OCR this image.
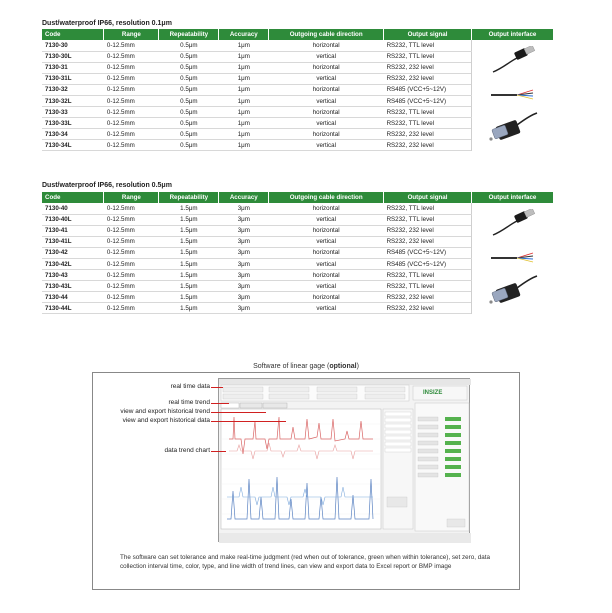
Dust/waterproof IP66, resolution 0.1μm
Code	Range	Repeatability	Accuracy	Outgoing cable direction	Output signal	Output interface
7130-30	0-12.5mm	0.5μm	1μm	horizontal	RS232, TTL level	
7130-30L	0-12.5mm	0.5μm	1μm	vertical	RS232, TTL level	
7130-31	0-12.5mm	0.5μm	1μm	horizontal	RS232, 232 level	
7130-31L	0-12.5mm	0.5μm	1μm	vertical	RS232, 232 level	
7130-32	0-12.5mm	0.5μm	1μm	horizontal	RS485 (VCC+5~12V)	
7130-32L	0-12.5mm	0.5μm	1μm	vertical	RS485 (VCC+5~12V)	
7130-33	0-12.5mm	0.5μm	1μm	horizontal	RS232, TTL level	
7130-33L	0-12.5mm	0.5μm	1μm	vertical	RS232, TTL level	
7130-34	0-12.5mm	0.5μm	1μm	horizontal	RS232, 232 level	
7130-34L	0-12.5mm	0.5μm	1μm	vertical	RS232, 232 level	
Dust/waterproof IP66, resolution 0.5μm
Code	Range	Repeatability	Accuracy	Outgoing cable direction	Output signal	Output interface
7130-40	0-12.5mm	1.5μm	3μm	horizontal	RS232, TTL level	
7130-40L	0-12.5mm	1.5μm	3μm	vertical	RS232, TTL level	
7130-41	0-12.5mm	1.5μm	3μm	horizontal	RS232, 232 level	
7130-41L	0-12.5mm	1.5μm	3μm	vertical	RS232, 232 level	
7130-42	0-12.5mm	1.5μm	3μm	horizontal	RS485 (VCC+5~12V)	
7130-42L	0-12.5mm	1.5μm	3μm	vertical	RS485 (VCC+5~12V)	
7130-43	0-12.5mm	1.5μm	3μm	horizontal	RS232, TTL level	
7130-43L	0-12.5mm	1.5μm	3μm	vertical	RS232, TTL level	
7130-44	0-12.5mm	1.5μm	3μm	horizontal	RS232, 232 level	
7130-44L	0-12.5mm	1.5μm	3μm	vertical	RS232, 232 level	
Software of linear gage (optional)
INSIZE
real time data
real time trend
view and export historical trend
view and export historical data
data trend chart
The software can set tolerance and make real-time judgment (red when out of tolerance, green when within tolerance), set zero, data collection interval time, color, type, and line width of trend lines, can view and export data to Excel report or BMP image
